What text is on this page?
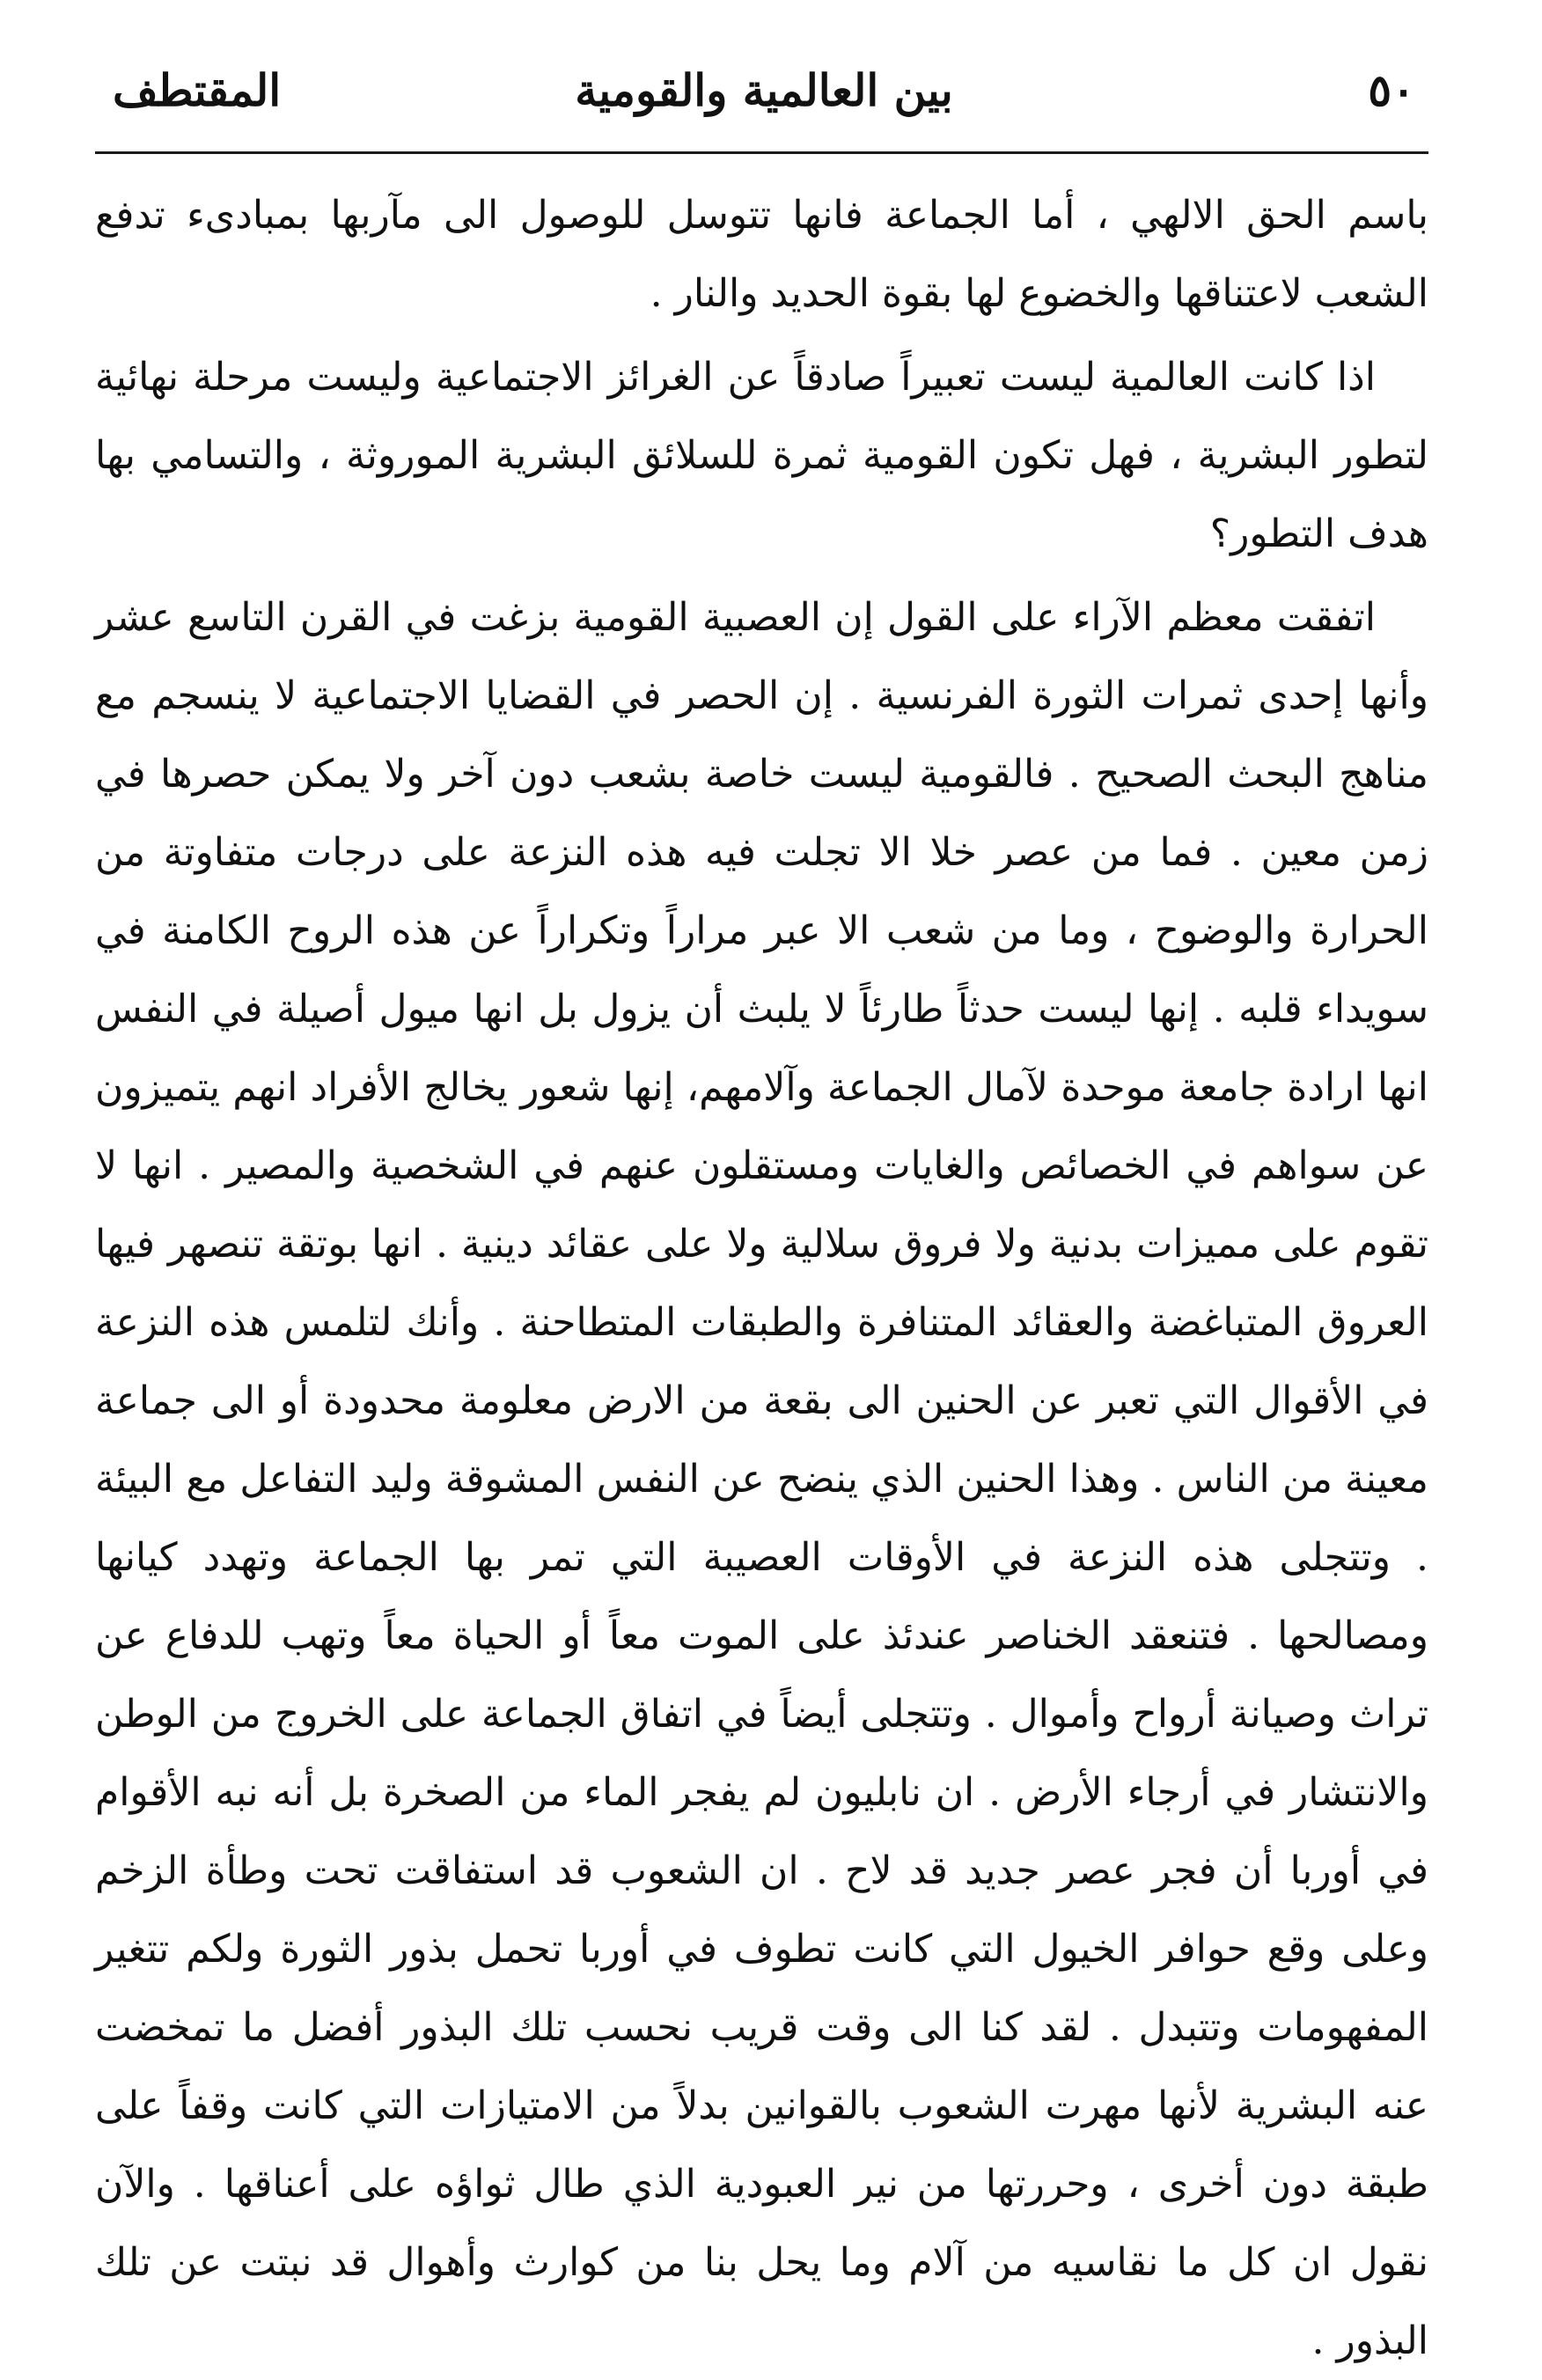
٥٠
بين العالمية والقومية
المقتطف

باسم الحق الالهي ، أما الجماعة فانها تتوسل للوصول الى مآربها بمبادىء تدفع الشعب لاعتناقها والخضوع لها بقوة الحديد والنار .

اذا كانت العالمية ليست تعبيراً صادقاً عن الغرائز الاجتماعية وليست مرحلة نهائية لتطور البشرية ، فهل تكون القومية ثمرة للسلائق البشرية الموروثة ، والتسامي بها هدف التطور؟

اتفقت معظم الآراء على القول إن العصبية القومية بزغت في القرن التاسع عشر وأنها إحدى ثمرات الثورة الفرنسية . إن الحصر في القضايا الاجتماعية لا ينسجم مع مناهج البحث الصحيح . فالقومية ليست خاصة بشعب دون آخر ولا يمكن حصرها في زمن معين . فما من عصر خلا الا تجلت فيه هذه النزعة على درجات متفاوتة من الحرارة والوضوح ، وما من شعب الا عبر مراراً وتكراراً عن هذه الروح الكامنة في سويداء قلبه . إنها ليست حدثاً طارئاً لا يلبث أن يزول بل انها ميول أصيلة في النفس انها ارادة جامعة موحدة لآمال الجماعة وآلامهم، إنها شعور يخالج الأفراد انهم يتميزون عن سواهم في الخصائص والغايات ومستقلون عنهم في الشخصية والمصير . انها لا تقوم على مميزات بدنية ولا فروق سلالية ولا على عقائد دينية . انها بوتقة تنصهر فيها العروق المتباغضة والعقائد المتنافرة والطبقات المتطاحنة . وأنك لتلمس هذه النزعة في الأقوال التي تعبر عن الحنين الى بقعة من الارض معلومة محدودة أو الى جماعة معينة من الناس . وهذا الحنين الذي ينضح عن النفس المشوقة وليد التفاعل مع البيئة . وتتجلى هذه النزعة في الأوقات العصيبة التي تمر بها الجماعة وتهدد كيانها ومصالحها . فتنعقد الخناصر عندئذ على الموت معاً أو الحياة معاً وتهب للدفاع عن تراث وصيانة أرواح وأموال . وتتجلى أيضاً في اتفاق الجماعة على الخروج من الوطن والانتشار في أرجاء الأرض . ان نابليون لم يفجر الماء من الصخرة بل أنه نبه الأقوام في أوربا أن فجر عصر جديد قد لاح . ان الشعوب قد استفاقت تحت وطأة الزخم وعلى وقع حوافر الخيول التي كانت تطوف في أوربا تحمل بذور الثورة ولكم تتغير المفهومات وتتبدل . لقد كنا الى وقت قريب نحسب تلك البذور أفضل ما تمخضت عنه البشرية لأنها مهرت الشعوب بالقوانين بدلاً من الامتيازات التي كانت وقفاً على طبقة دون أخرى ، وحررتها من نير العبودية الذي طال ثواؤه على أعناقها . والآن نقول ان كل ما نقاسيه من آلام وما يحل بنا من كوارث وأهوال قد نبتت عن تلك البذور .
